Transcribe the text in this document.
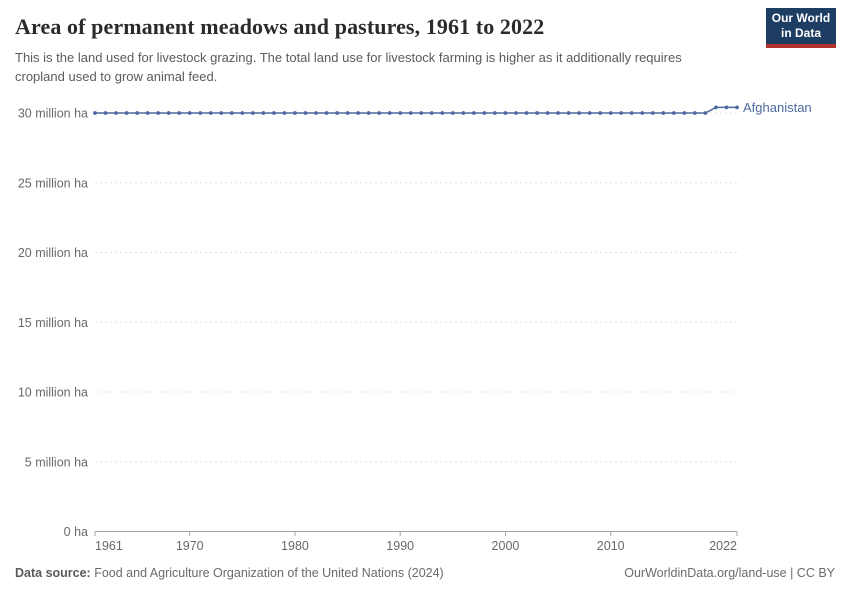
Area of permanent meadows and pastures, 1961 to 2022

This is the land used for livestock grazing. The total land use for livestock farming is higher as it additionally requires cropland used to grow animal feed.

Our World
in Data
0 ha
5 million ha
10 million ha
15 million ha
20 million ha
25 million ha
30 million ha
1961	1970	1980	1990	2000	2010	2022
Afghanistan
Data source: Food and Agriculture Organization of the United Nations (2024)	OurWorldinData.org/land-use | CC BY
